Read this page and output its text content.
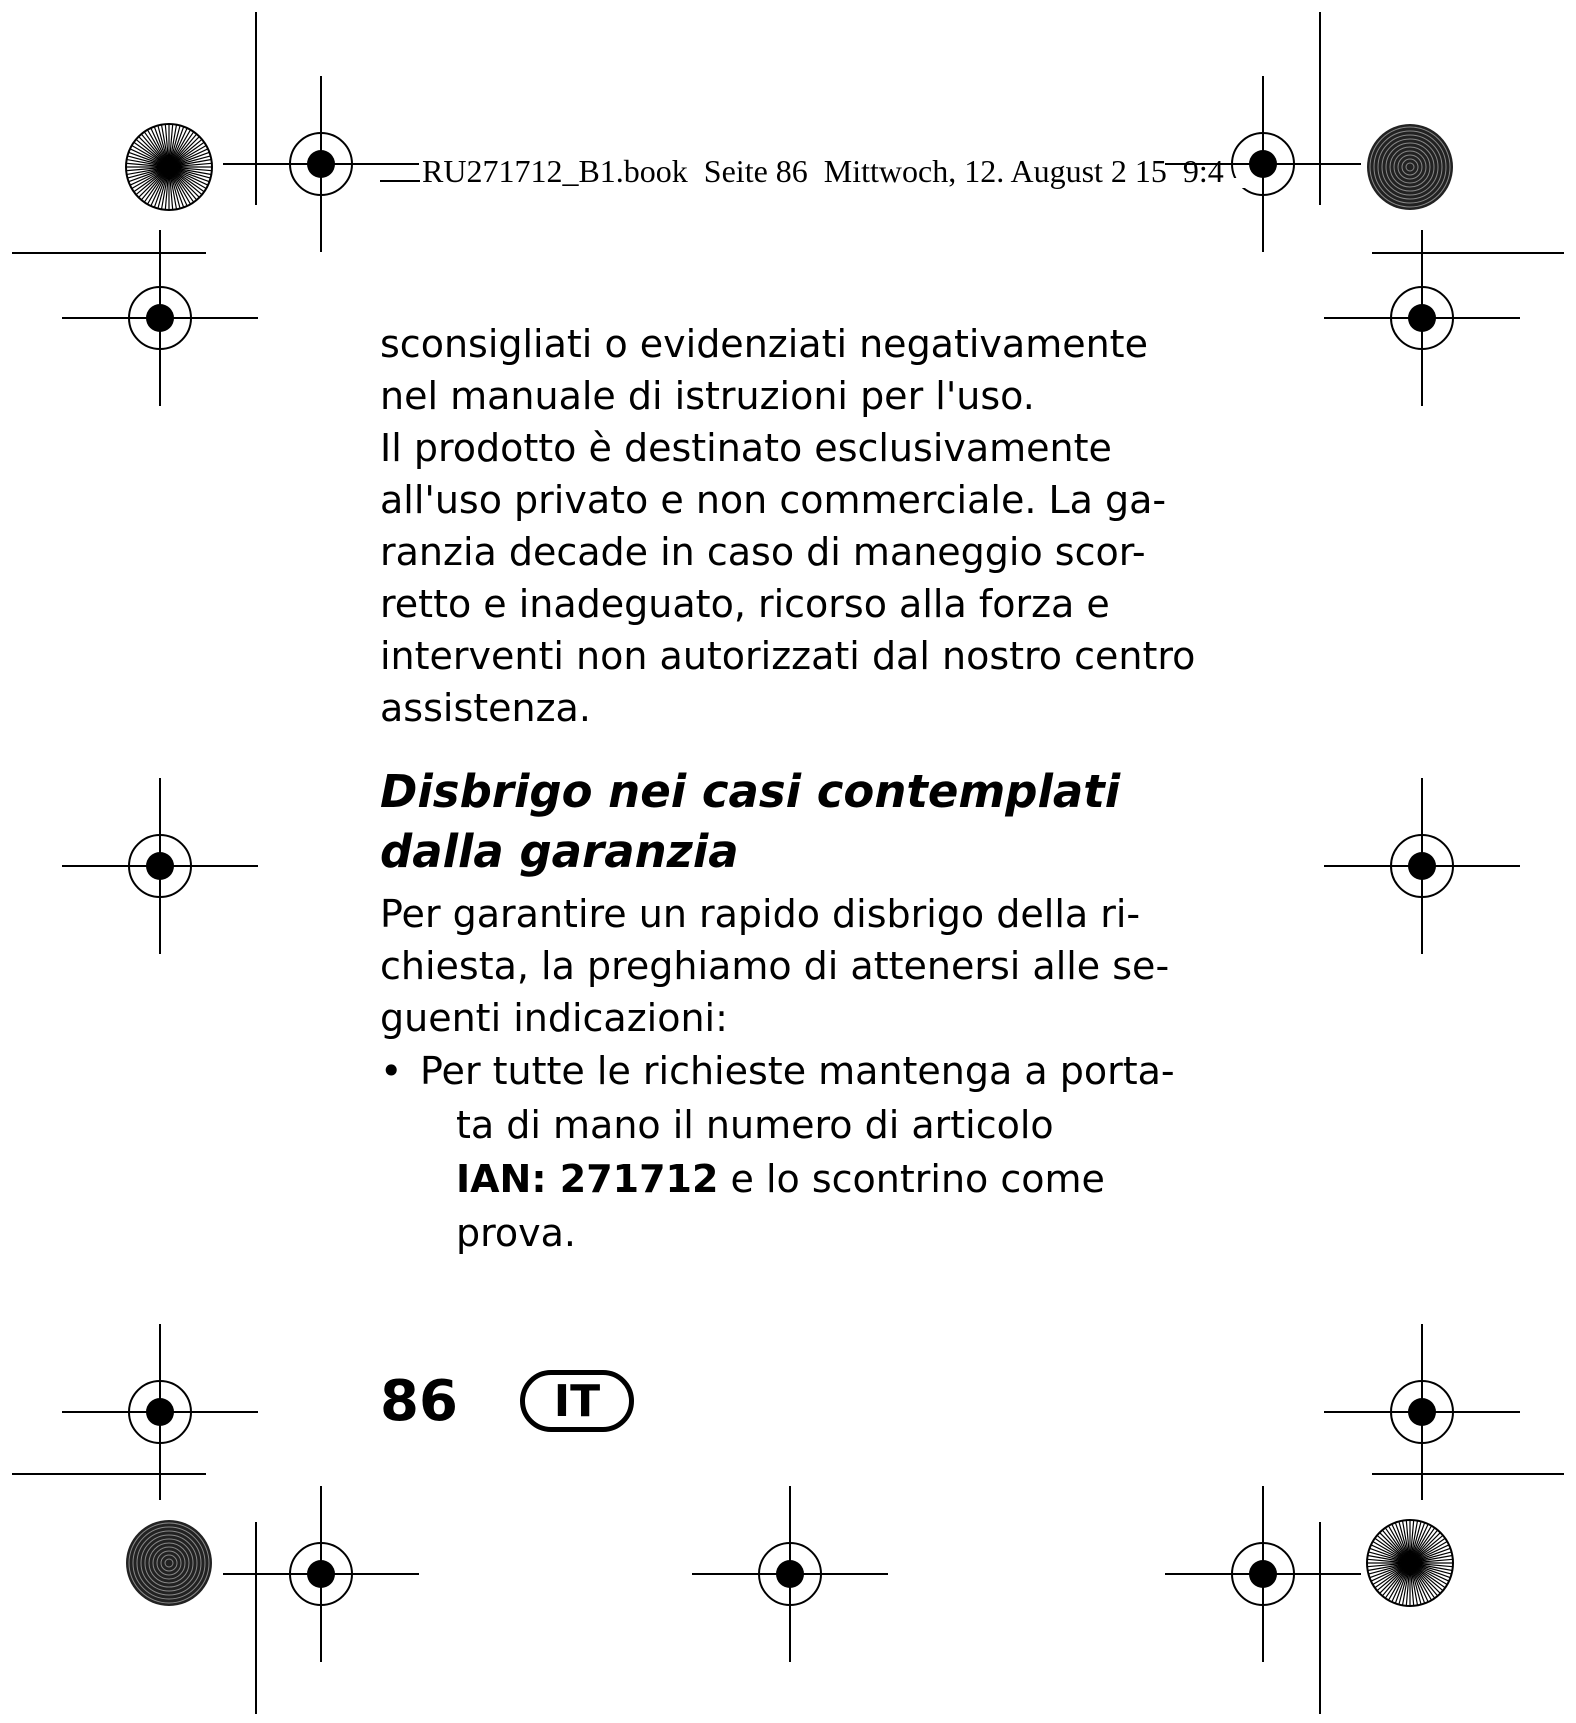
RU271712_B1.book  Seite 86  Mittwoch, 12. August 2 15  9:4

sconsigliati o evidenziati negativamente

nel manuale di istruzioni per l'uso.

Il prodotto è destinato esclusivamente

all'uso privato e non commerciale. La ga-

ranzia decade in caso di maneggio scor-

retto e inadeguato, ricorso alla forza e

interventi non autorizzati dal nostro centro

assistenza.

Disbrigo nei casi contemplati
dalla garanzia
Per garantire un rapido disbrigo della ri-
chiesta, la preghiamo di attenersi alle se-
guenti indicazioni:
• Per tutte le richieste mantenga a porta-
ta di mano il numero di articolo
IAN: 271712 e lo scontrino come
prova.
86	IT
